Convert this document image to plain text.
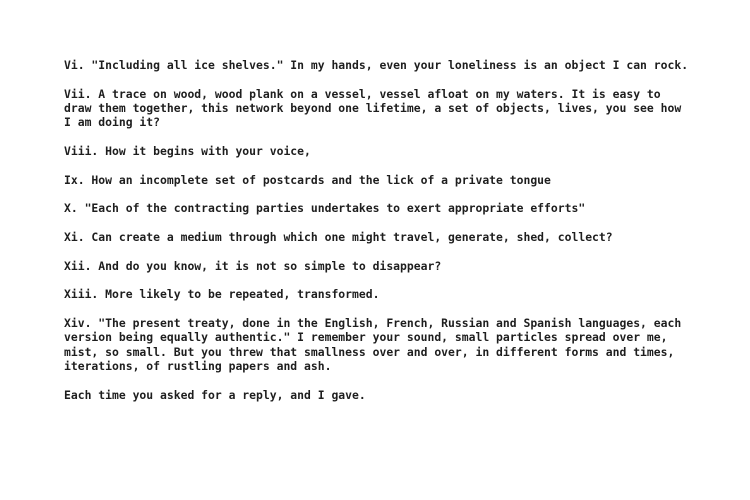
Vi. "Including all ice shelves." In my hands, even your loneliness is an object I can rock.

Vii. A trace on wood, wood plank on a vessel, vessel afloat on my waters. It is easy to draw them together, this network beyond one lifetime, a set of objects, lives, you see how I am doing it?

Viii. How it begins with your voice,

Ix. How an incomplete set of postcards and the lick of a private tongue

X. "Each of the contracting parties undertakes to exert appropriate efforts"

Xi. Can create a medium through which one might travel, generate, shed, collect?

Xii. And do you know, it is not so simple to disappear?

Xiii. More likely to be repeated, transformed.

Xiv. "The present treaty, done in the English, French, Russian and Spanish languages, each version being equally authentic." I remember your sound, small particles spread over me, mist, so small. But you threw that smallness over and over, in different forms and times, iterations, of rustling papers and ash.

Each time you asked for a reply, and I gave.
